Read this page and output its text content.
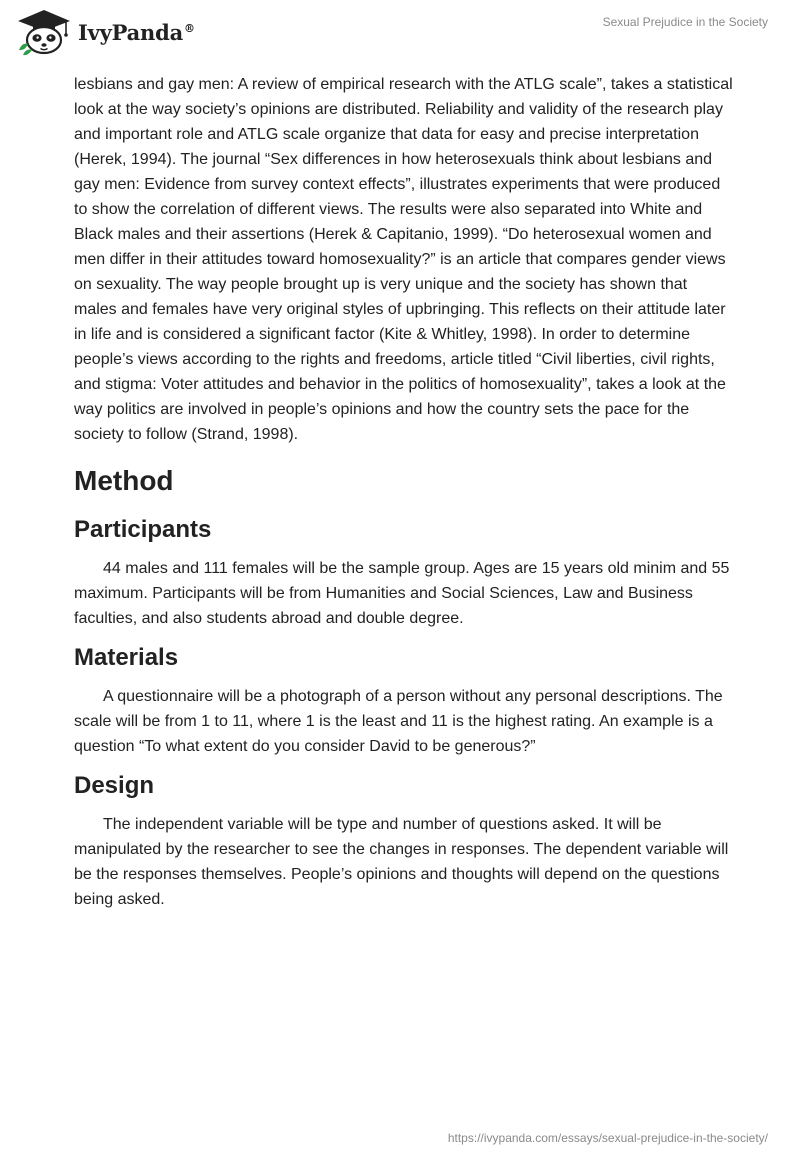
IvyPanda®	Sexual Prejudice in the Society

lesbians and gay men: A review of empirical research with the ATLG scale”, takes a statistical look at the way society’s opinions are distributed. Reliability and validity of the research play and important role and ATLG scale organize that data for easy and precise interpretation (Herek, 1994). The journal “Sex differences in how heterosexuals think about lesbians and gay men: Evidence from survey context effects”, illustrates experiments that were produced to show the correlation of different views. The results were also separated into White and Black males and their assertions (Herek & Capitanio, 1999). “Do heterosexual women and men differ in their attitudes toward homosexuality?” is an article that compares gender views on sexuality. The way people brought up is very unique and the society has shown that males and females have very original styles of upbringing. This reflects on their attitude later in life and is considered a significant factor (Kite & Whitley, 1998). In order to determine people’s views according to the rights and freedoms, article titled “Civil liberties, civil rights, and stigma: Voter attitudes and behavior in the politics of homosexuality”, takes a look at the way politics are involved in people’s opinions and how the country sets the pace for the society to follow (Strand, 1998).

Method
Participants

44 males and 111 females will be the sample group. Ages are 15 years old minim and 55 maximum. Participants will be from Humanities and Social Sciences, Law and Business faculties, and also students abroad and double degree.

Materials

A questionnaire will be a photograph of a person without any personal descriptions. The scale will be from 1 to 11, where 1 is the least and 11 is the highest rating. An example is a question “To what extent do you consider David to be generous?”

Design

The independent variable will be type and number of questions asked. It will be manipulated by the researcher to see the changes in responses. The dependent variable will be the responses themselves. People’s opinions and thoughts will depend on the questions being asked.

https://ivypanda.com/essays/sexual-prejudice-in-the-society/
